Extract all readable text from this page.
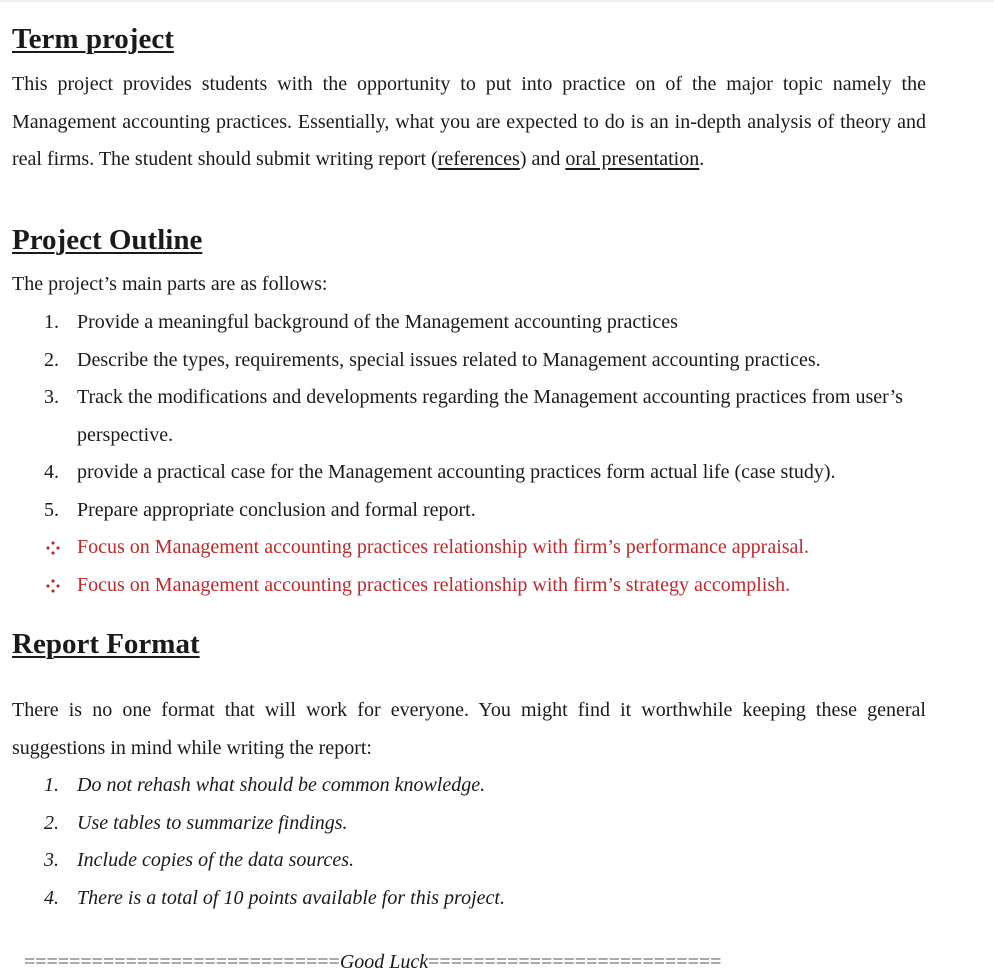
Term project

This project provides students with the opportunity to put into practice on of the major topic namely the Management accounting practices. Essentially, what you are expected to do is an in-depth analysis of theory and real firms. The student should submit writing report (references) and oral presentation.

Project Outline

The project’s main parts are as follows:

1. Provide a meaningful background of the Management accounting practices
2. Describe the types, requirements, special issues related to Management accounting practices.
3. Track the modifications and developments regarding the Management accounting practices from user’s perspective.
4. provide a practical case for the Management accounting practices form actual life (case study).
5. Prepare appropriate conclusion and formal report.
Focus on Management accounting practices relationship with firm’s performance appraisal.
Focus on Management accounting practices relationship with firm’s strategy accomplish.
Report Format

There is no one format that will work for everyone. You might find it worthwhile keeping these general suggestions in mind while writing the report:

1. Do not rehash what should be common knowledge.
2. Use tables to summarize findings.
3. Include copies of the data sources.
4. There is a total of 10 points available for this project.
============================Good Luck==========================
